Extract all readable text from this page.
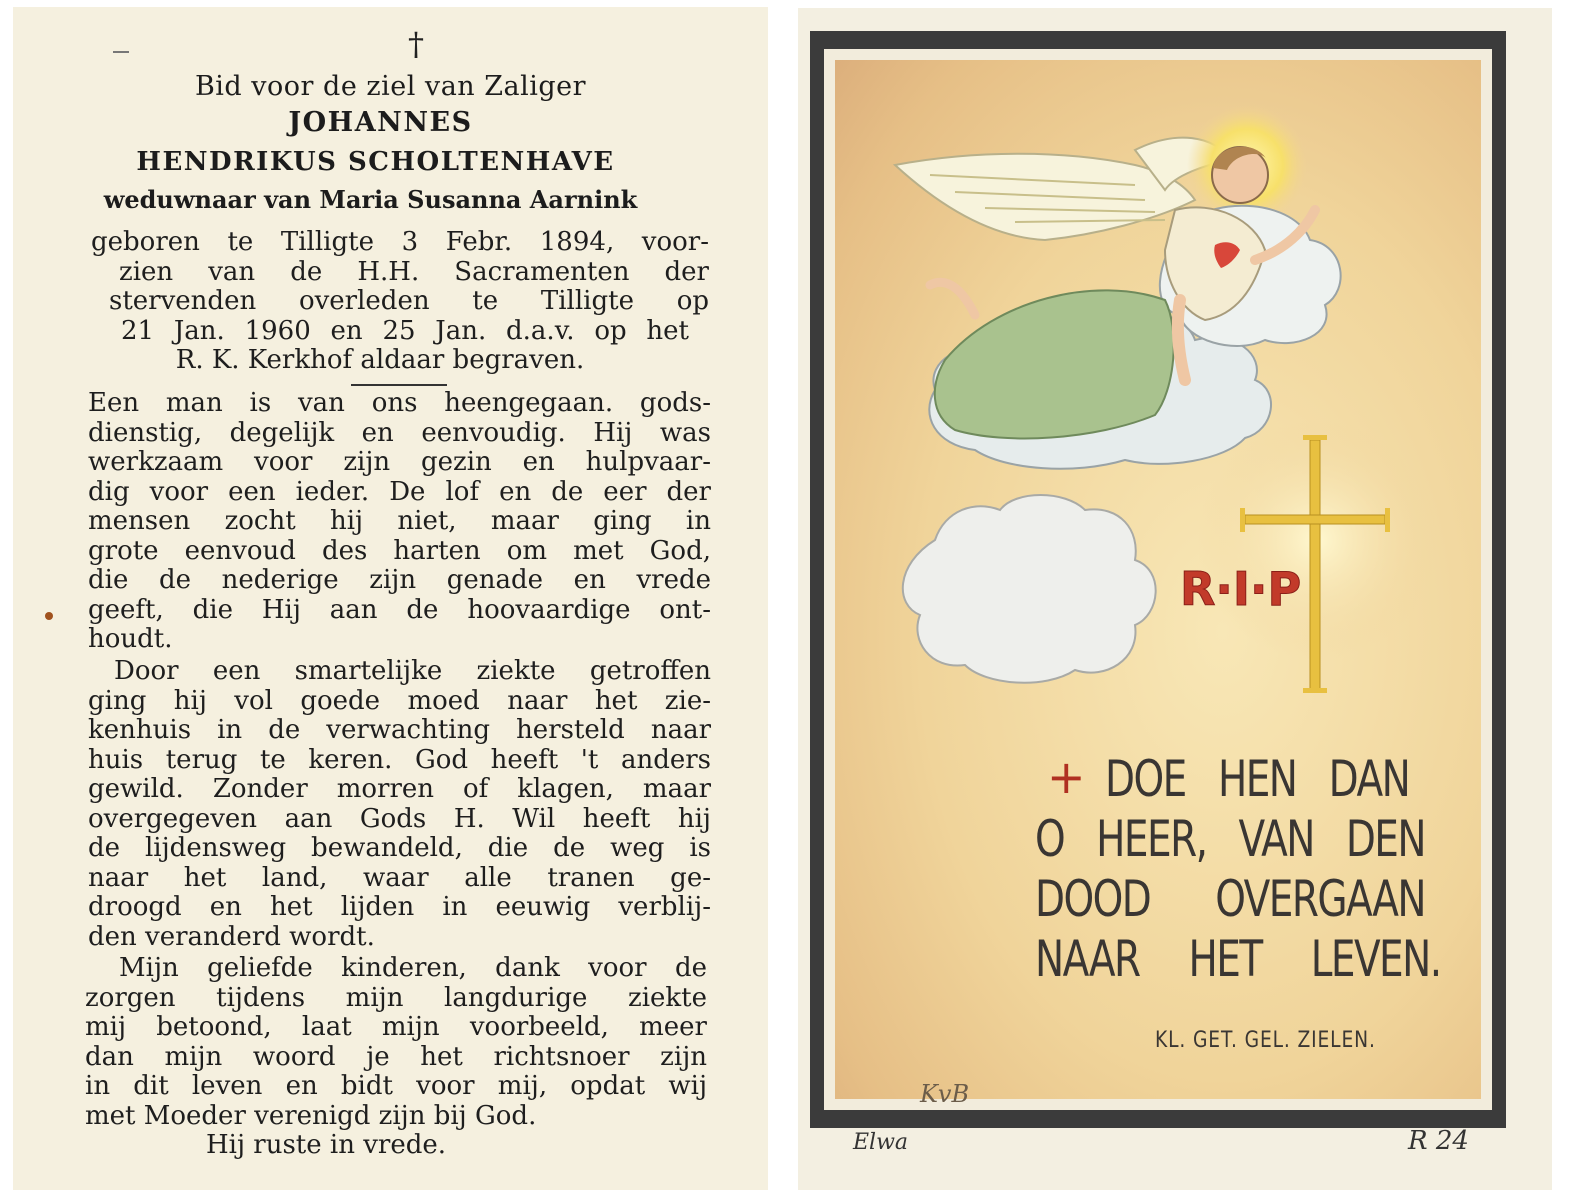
†
Bid voor de ziel van Zaliger
JOHANNES
HENDRIKUS SCHOLTENHAVE
weduwnaar van Maria Susanna Aarnink
geboren te Tilligte 3 Febr. 1894, voor-
zien van de H.H. Sacramenten der
stervenden overleden te Tilligte op
21 Jan. 1960 en 25 Jan. d.a.v. op het
R. K. Kerkhof aldaar begraven.
Een man is van ons heengegaan. gods-
dienstig, degelijk en eenvoudig. Hij was
werkzaam voor zijn gezin en hulpvaar-
dig voor een ieder. De lof en de eer der
mensen zocht hij niet, maar ging in
grote eenvoud des harten om met God,
die de nederige zijn genade en vrede
geeft, die Hij aan de hoovaardige ont-
houdt.
Door een smartelijke ziekte getroffen
ging hij vol goede moed naar het zie-
kenhuis in de verwachting hersteld naar
huis terug te keren. God heeft 't anders
gewild. Zonder morren of klagen, maar
overgegeven aan Gods H. Wil heeft hij
de lijdensweg bewandeld, die de weg is
naar het land, waar alle tranen ge-
droogd en het lijden in eeuwig verblij-
den veranderd wordt.
Mijn geliefde kinderen, dank voor de
zorgen tijdens mijn langdurige ziekte
mij betoond, laat mijn voorbeeld, meer
dan mijn woord je het richtsnoer zijn
in dit leven en bidt voor mij, opdat wij
met Moeder verenigd zijn bij God.
Hij ruste in vrede.
R·I·P
+ DOE HEN DAN
O HEER, VAN DEN
DOOD OVERGAAN
NAAR HET LEVEN.
KL. GET. GEL. ZIELEN.
KvB
Elwa	R 24
